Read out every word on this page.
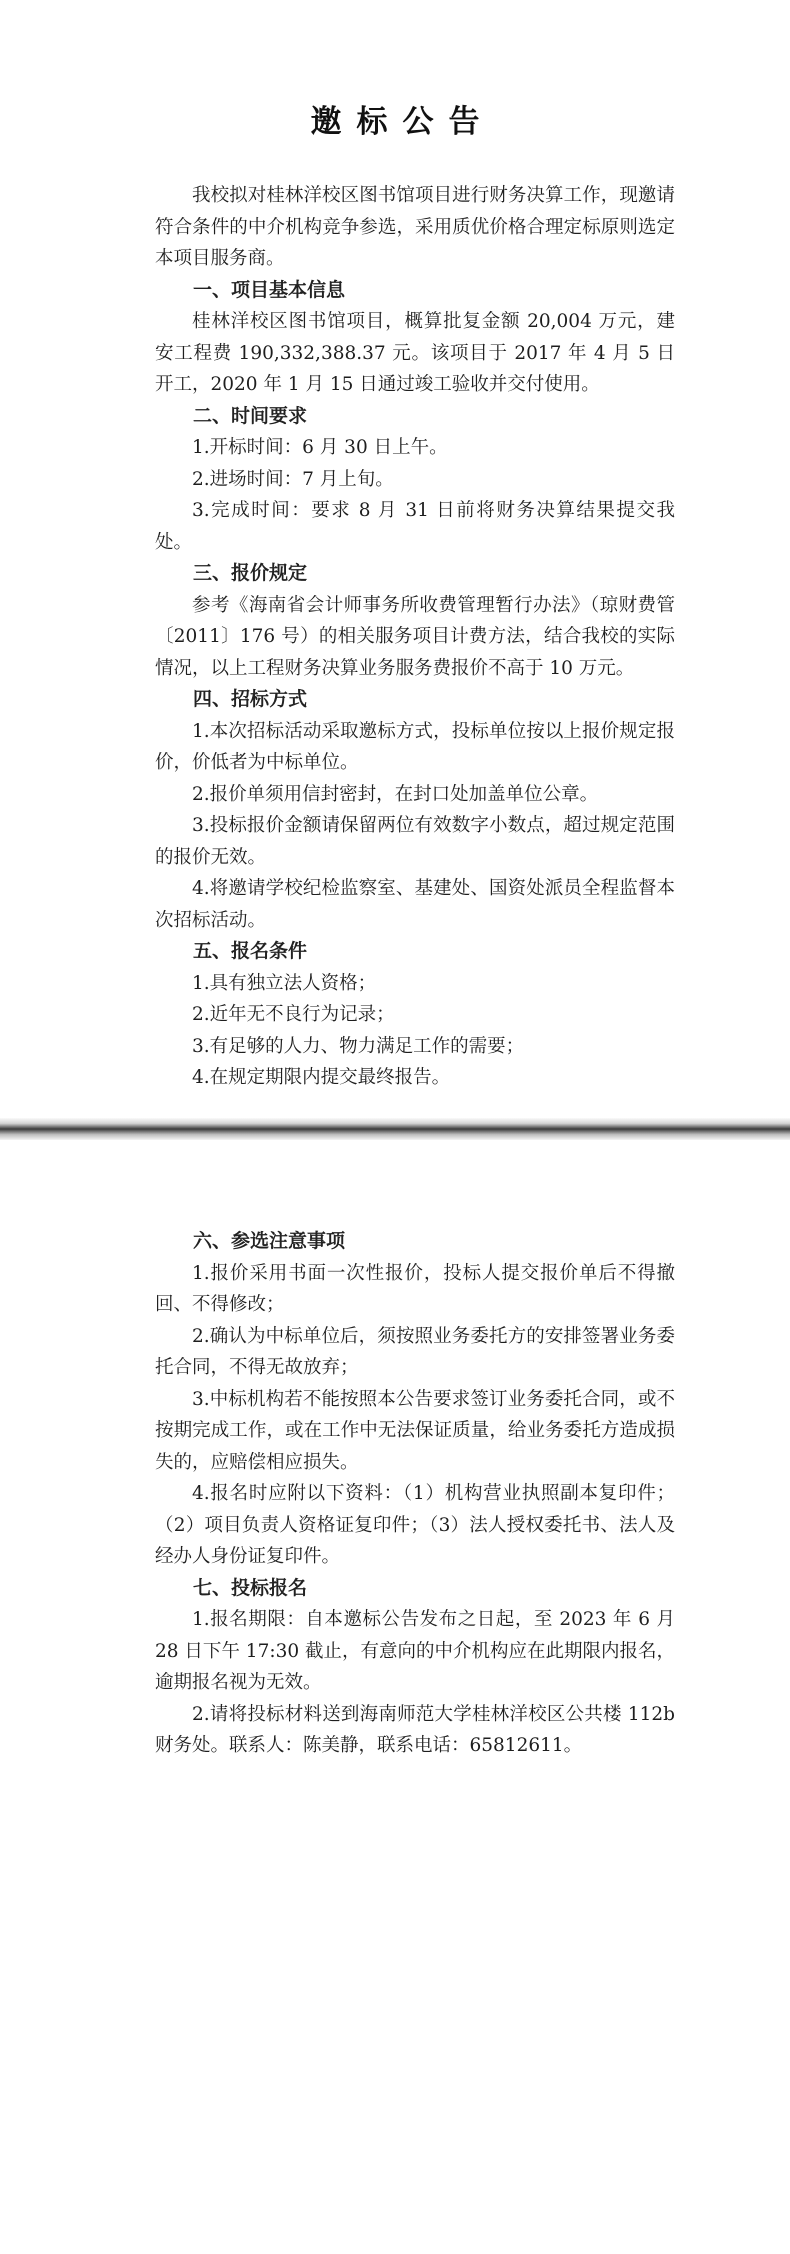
邀标公告

我校拟对桂林洋校区图书馆项目进行财务决算工作，现邀请符合条件的中介机构竞争参选，采用质优价格合理定标原则选定本项目服务商。

一、项目基本信息

桂林洋校区图书馆项目，概算批复金额 20,004 万元，建安工程费 190,332,388.37 元。该项目于 2017 年 4 月 5 日开工，2020 年 1 月 15 日通过竣工验收并交付使用。

二、时间要求

1.开标时间：6 月 30 日上午。

2.进场时间：7 月上旬。

3.完成时间：要求 8 月 31 日前将财务决算结果提交我处。

三、报价规定

参考《海南省会计师事务所收费管理暂行办法》（琼财费管〔2011〕176 号）的相关服务项目计费方法，结合我校的实际情况，以上工程财务决算业务服务费报价不高于 10 万元。

四、招标方式

1.本次招标活动采取邀标方式，投标单位按以上报价规定报价，价低者为中标单位。

2.报价单须用信封密封，在封口处加盖单位公章。

3.投标报价金额请保留两位有效数字小数点，超过规定范围的报价无效。

4.将邀请学校纪检监察室、基建处、国资处派员全程监督本次招标活动。

五、报名条件

1.具有独立法人资格；

2.近年无不良行为记录；

3.有足够的人力、物力满足工作的需要；

4.在规定期限内提交最终报告。

六、参选注意事项

1.报价采用书面一次性报价，投标人提交报价单后不得撤回、不得修改；

2.确认为中标单位后，须按照业务委托方的安排签署业务委托合同，不得无故放弃；

3.中标机构若不能按照本公告要求签订业务委托合同，或不按期完成工作，或在工作中无法保证质量，给业务委托方造成损失的，应赔偿相应损失。

4.报名时应附以下资料：（1）机构营业执照副本复印件；（2）项目负责人资格证复印件；（3）法人授权委托书、法人及经办人身份证复印件。

七、投标报名

1.报名期限：自本邀标公告发布之日起，至 2023 年 6 月 28 日下午 17:30 截止，有意向的中介机构应在此期限内报名，逾期报名视为无效。

2.请将投标材料送到海南师范大学桂林洋校区公共楼 112b 财务处。联系人：陈美静，联系电话：65812611。
